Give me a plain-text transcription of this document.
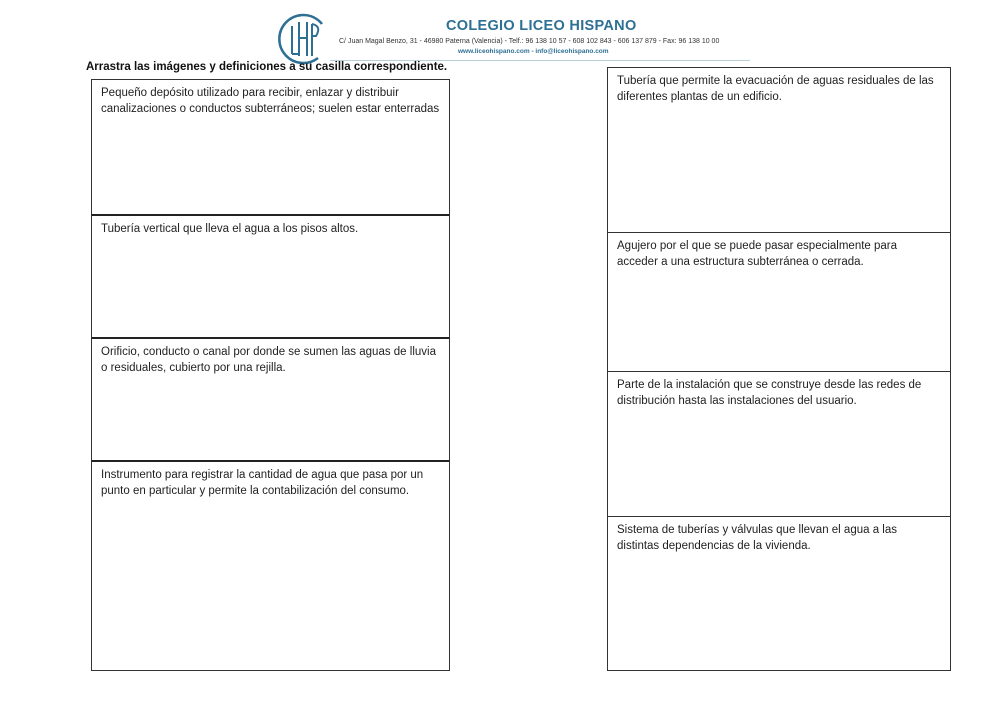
COLEGIO LICEO HISPANO
C/ Juan Magal Benzo, 31 - 46980 Paterna (Valencia) - Telf.: 96 138 10 57 - 608 102 843 - 606 137 879 - Fax: 96 138 10 00
www.liceohispano.com - info@liceohispano.com
Arrastra las imágenes y definiciones a su casilla correspondiente.
Pequeño depósito utilizado para recibir, enlazar y distribuir canalizaciones o conductos subterráneos; suelen estar enterradas
Tubería vertical que lleva el agua a los pisos altos.
Orificio, conducto o canal por donde se sumen las aguas de lluvia o residuales, cubierto por una rejilla.
Instrumento para registrar la cantidad de agua que pasa por un punto en particular y permite la contabilización del consumo.
Tubería que permite la evacuación de aguas residuales de las diferentes plantas de un edificio.
Agujero por el que se puede pasar especialmente para acceder a una estructura subterránea o cerrada.
Parte de la instalación que se construye desde las redes de distribución hasta las instalaciones del usuario.
Sistema de tuberías y válvulas que llevan el agua a las distintas dependencias de la vivienda.
